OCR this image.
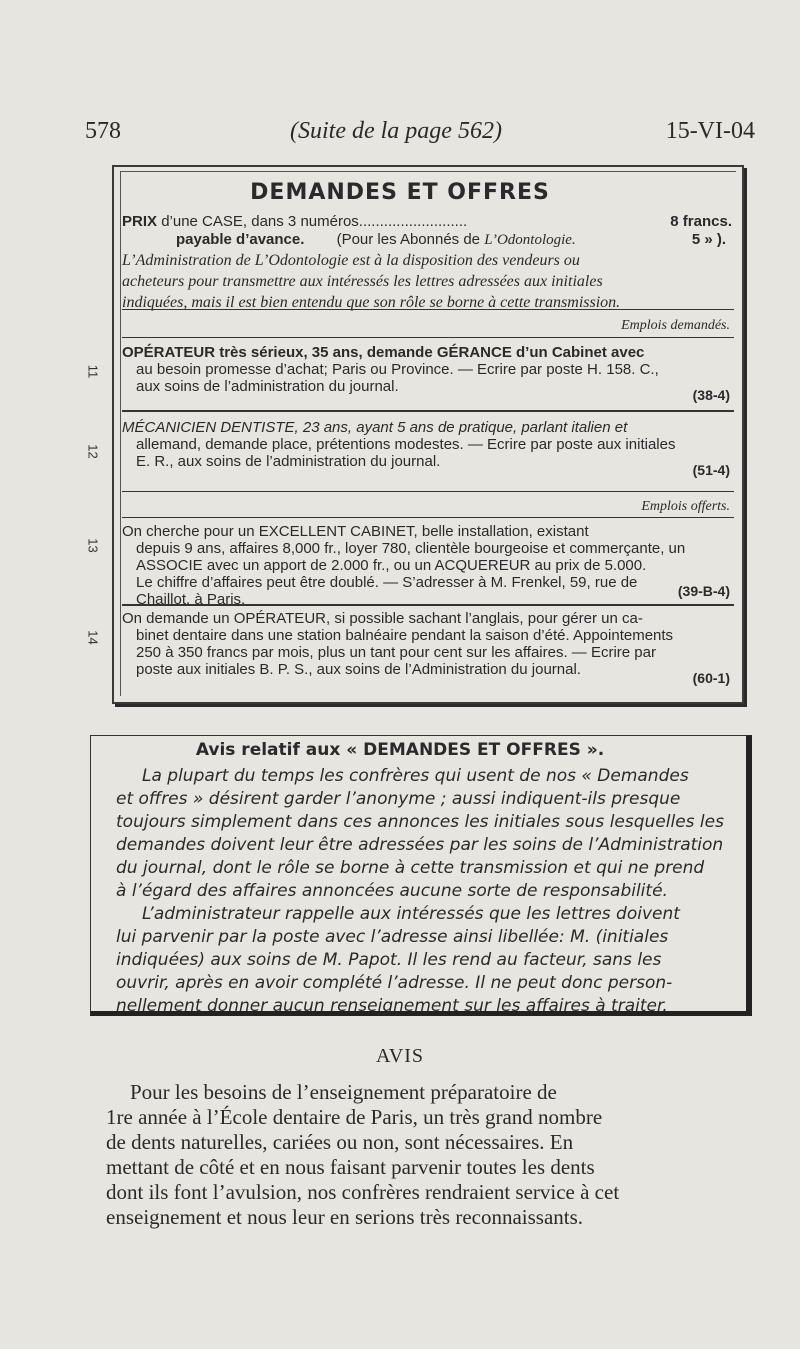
578	(Suite de la page 562)	15-VI-04
DEMANDES ET OFFRES
PRIX d’une CASE, dans 3 numéros..........................	8 francs.
payable d’avance. (Pour les Abonnés de L’Odontologie.	5 » ).
L’Administration de L’Odontologie est à la disposition des vendeurs ou
acheteurs pour transmettre aux intéressés les lettres adressées aux initiales
indiquées, mais il est bien entendu que son rôle se borne à cette transmission.
Emplois demandés.
OPÉRATEUR très sérieux, 35 ans, demande GÉRANCE d’un Cabinet avec
au besoin promesse d’achat; Paris ou Province. — Ecrire par poste H. 158. C.,
aux soins de l’administration du journal.	(38-4)
MÉCANICIEN DENTISTE, 23 ans, ayant 5 ans de pratique, parlant italien et
allemand, demande place, prétentions modestes. — Ecrire par poste aux initiales
E. R., aux soins de l’administration du journal.	(51-4)
Emplois offerts.
On cherche pour un EXCELLENT CABINET, belle installation, existant
depuis 9 ans, affaires 8,000 fr., loyer 780, clientèle bourgeoise et commerçante, un
ASSOCIE avec un apport de 2.000 fr., ou un ACQUEREUR au prix de 5.000.
Le chiffre d’affaires peut être doublé. — S’adresser à M. Frenkel, 59, rue de
Chaillot, à Paris.	(39-B-4)
On demande un OPÉRATEUR, si possible sachant l’anglais, pour gérer un ca-
binet dentaire dans une station balnéaire pendant la saison d’été. Appointements
250 à 350 francs par mois, plus un tant pour cent sur les affaires. — Ecrire par
poste aux initiales B. P. S., aux soins de l’Administration du journal.	(60-1)
11
12
13
14
Avis relatif aux « DEMANDES ET OFFRES ».
La plupart du temps les confrères qui usent de nos « Demandes
et offres » désirent garder l’anonyme ; aussi indiquent-ils presque
toujours simplement dans ces annonces les initiales sous lesquelles les
demandes doivent leur être adressées par les soins de l’Administration
du journal, dont le rôle se borne à cette transmission et qui ne prend
à l’égard des affaires annoncées aucune sorte de responsabilité.
L’administrateur rappelle aux intéressés que les lettres doivent
lui parvenir par la poste avec l’adresse ainsi libellée: M. (initiales
indiquées) aux soins de M. Papot. Il les rend au facteur, sans les
ouvrir, après en avoir complété l’adresse. Il ne peut donc person-
nellement donner aucun renseignement sur les affaires à traiter.
AVIS
Pour les besoins de l’enseignement préparatoire de
1re année à l’École dentaire de Paris, un très grand nombre
de dents naturelles, cariées ou non, sont nécessaires. En
mettant de côté et en nous faisant parvenir toutes les dents
dont ils font l’avulsion, nos confrères rendraient service à cet
enseignement et nous leur en serions très reconnaissants.
